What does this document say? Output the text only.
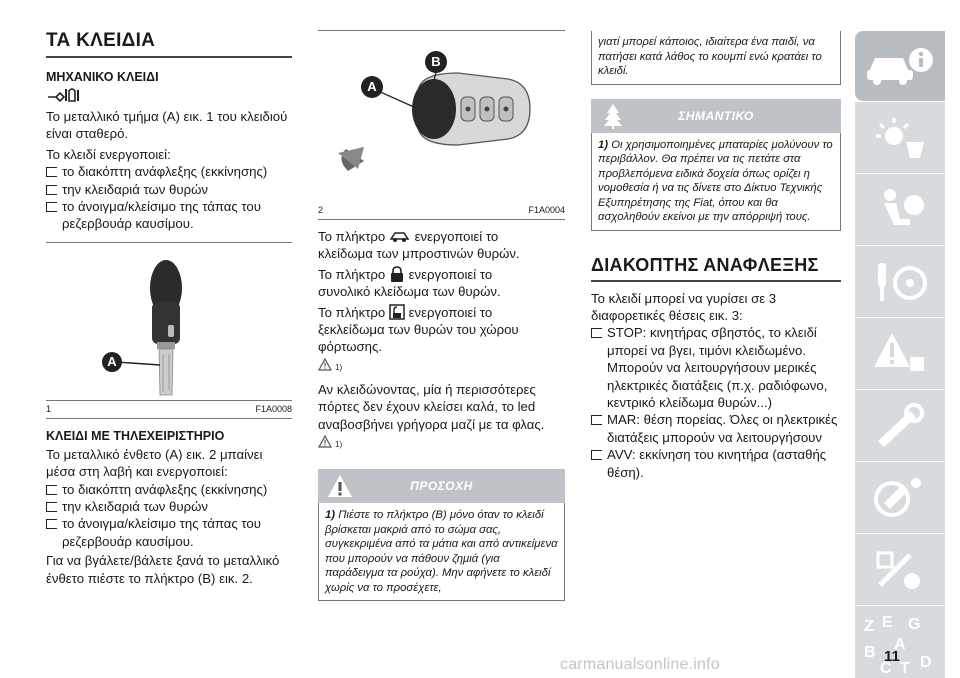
ΤΑ ΚΛΕΙΔΙΑ
ΜΗΧΑΝΙΚΟ ΚΛΕΙΔΙ
Το μεταλλικό τμήμα (A) εικ. 1 του κλειδιού είναι σταθερό.
Το κλειδί ενεργοποιεί:
το διακόπτη ανάφλεξης (εκκίνησης)
την κλειδαριά των θυρών
το άνοιγμα/κλείσιμο της τάπας του ρεζερβουάρ καυσίμου.
A
1	F1A0008
ΚΛΕΙΔΙ ΜΕ ΤΗΛΕΧΕΙΡΙΣΤΗΡΙΟ
Το μεταλλικό ένθετο (A) εικ. 2 μπαίνει μέσα στη λαβή και ενεργοποιεί:
το διακόπτη ανάφλεξης (εκκίνησης)
την κλειδαριά των θυρών
το άνοιγμα/κλείσιμο της τάπας του ρεζερβουάρ καυσίμου.
Για να βγάλετε/βάλετε ξανά το μεταλλικό ένθετο πιέστε το πλήκτρο (B) εικ. 2.
A
B
2	F1A0004
Το πλήκτρο ενεργοποιεί το
κλείδωμα των μπροστινών θυρών.
Το πλήκτρο ενεργοποιεί το
συνολικό κλείδωμα των θυρών.
Το πλήκτρο ενεργοποιεί το
ξεκλείδωμα των θυρών του χώρου φόρτωσης.
1)
Αν κλειδώνοντας, μία ή περισσότερες πόρτες δεν έχουν κλείσει καλά, το led αναβοσβήνει γρήγορα μαζί με τα φλας.
1)
ΠΡΟΣΟΧΗ
1) Πιέστε το πλήκτρο (B) μόνο όταν το κλειδί βρίσκεται μακριά από το σώμα σας, συγκεκριμένα από τα μάτια και από αντικείμενα που μπορούν να πάθουν ζημιά (για παράδειγμα τα ρούχα). Μην αφήνετε το κλειδί χωρίς να το προσέχετε,
γιατί μπορεί κάποιος, ιδιαίτερα ένα παιδί, να πατήσει κατά λάθος το κουμπί ενώ κρατάει το κλειδί.
ΣΗΜΑΝΤΙΚΟ
1) Οι χρησιμοποιημένες μπαταρίες μολύνουν το περιβάλλον. Θα πρέπει να τις πετάτε στα προβλεπόμενα ειδικά δοχεία όπως ορίζει η νομοθεσία ή να τις δίνετε στο Δίκτυο Τεχνικής Εξυπηρέτησης της Fiat, όπου και θα ασχοληθούν εκείνοι με την απόρριψή τους.
ΔΙΑΚΟΠΤΗΣ ΑΝΑΦΛΕΞΗΣ
Το κλειδί μπορεί να γυρίσει σε 3 διαφορετικές θέσεις εικ. 3:
STOP: κινητήρας σβηστός, το κλειδί μπορεί να βγει, τιμόνι κλειδωμένο. Μπορούν να λειτουργήσουν μερικές ηλεκτρικές διατάξεις (π.χ. ραδιόφωνο, κεντρικό κλείδωμα θυρών...)
MAR: θέση πορείας. Όλες οι ηλεκτρικές διατάξεις μπορούν να λειτουργήσουν
AVV: εκκίνηση του κινητήρα (ασταθής θέση).
Z E G
A
B
D
C T
11
carmanualsonline.info
